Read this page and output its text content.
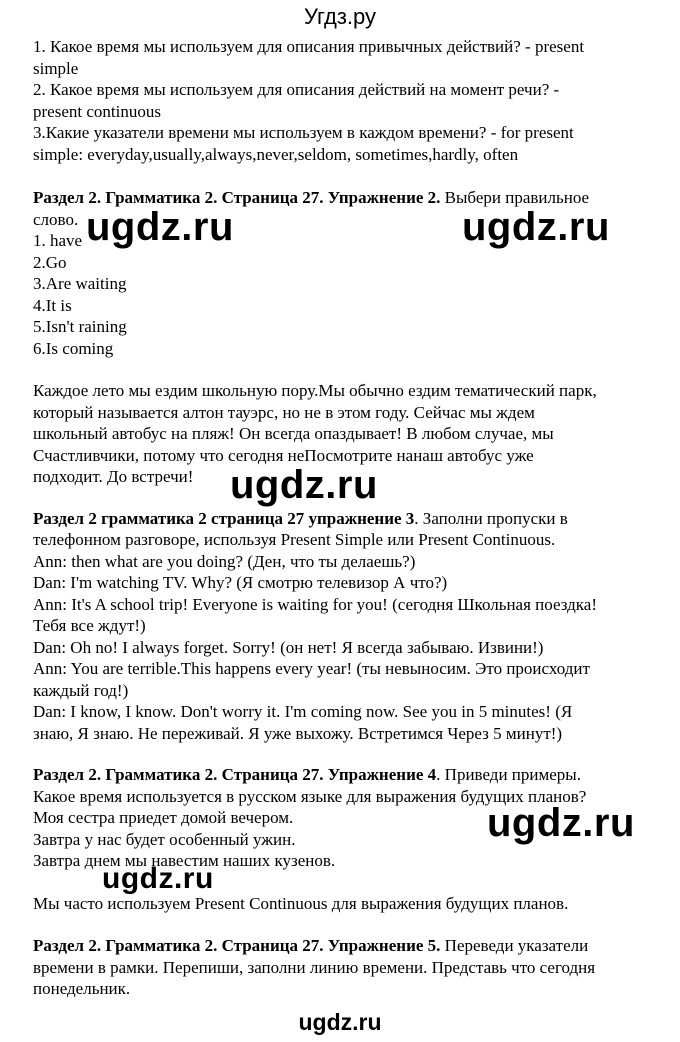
Угдз.ру
1. Какое время мы используем для описания привычных действий? - present
simple
2. Какое время мы используем для описания действий на момент речи? -
present continuous
3.Какие указатели времени мы используем в каждом времени? - for present
simple: everyday,usually,always,never,seldom, sometimes,hardly, often
Раздел 2. Грамматика 2. Страница 27. Упражнение 2. Выбери правильное
слово.
1. have
2.Go
3.Are waiting
4.It is
5.Isn't raining
6.Is coming
Каждое лето мы ездим школьную пору.Мы обычно ездим тематический парк,
который называется алтон тауэрс, но не в этом году. Сейчас мы ждем
школьный автобус на пляж! Он всегда опаздывает! В любом случае, мы
Счастливчики, потому что сегодня неПосмотрите нанаш автобус уже
подходит. До встречи!
Раздел 2 грамматика 2 страница 27 упражнение 3. Заполни пропуски в
телефонном разговоре, используя Present Simple или Present Continuous.
Ann: then what are you doing? (Ден, что ты делаешь?)
Dan: I'm watching TV. Why? (Я смотрю телевизор А что?)
Ann: It's A school trip! Everyone is waiting for you! (сегодня Школьная поездка!
Тебя все ждут!)
Dan: Oh no! I always forget. Sorry! (он нет! Я всегда забываю. Извини!)
Ann: You are terrible.This happens every year! (ты невыносим. Это происходит
каждый год!)
Dan: I know, I know. Don't worry it. I'm coming now. See you in 5 minutes! (Я
знаю, Я знаю. Не переживай. Я уже выхожу. Встретимся Через 5 минут!)
Раздел 2. Грамматика 2. Страница 27. Упражнение 4. Приведи примеры.
Какое время используется в русском языке для выражения будущих планов?
Моя сестра приедет домой вечером.
Завтра у нас будет особенный ужин.
Завтра днем мы навестим наших кузенов.
Мы часто используем Present Continuous для выражения будущих планов.
Раздел 2. Грамматика 2. Страница 27. Упражнение 5. Переведи указатели
времени в рамки. Перепиши, заполни линию времени. Представь что сегодня
понедельник.
ugdz.ru	ugdz.ru
ugdz.ru
ugdz.ru
ugdz.ru
ugdz.ru
